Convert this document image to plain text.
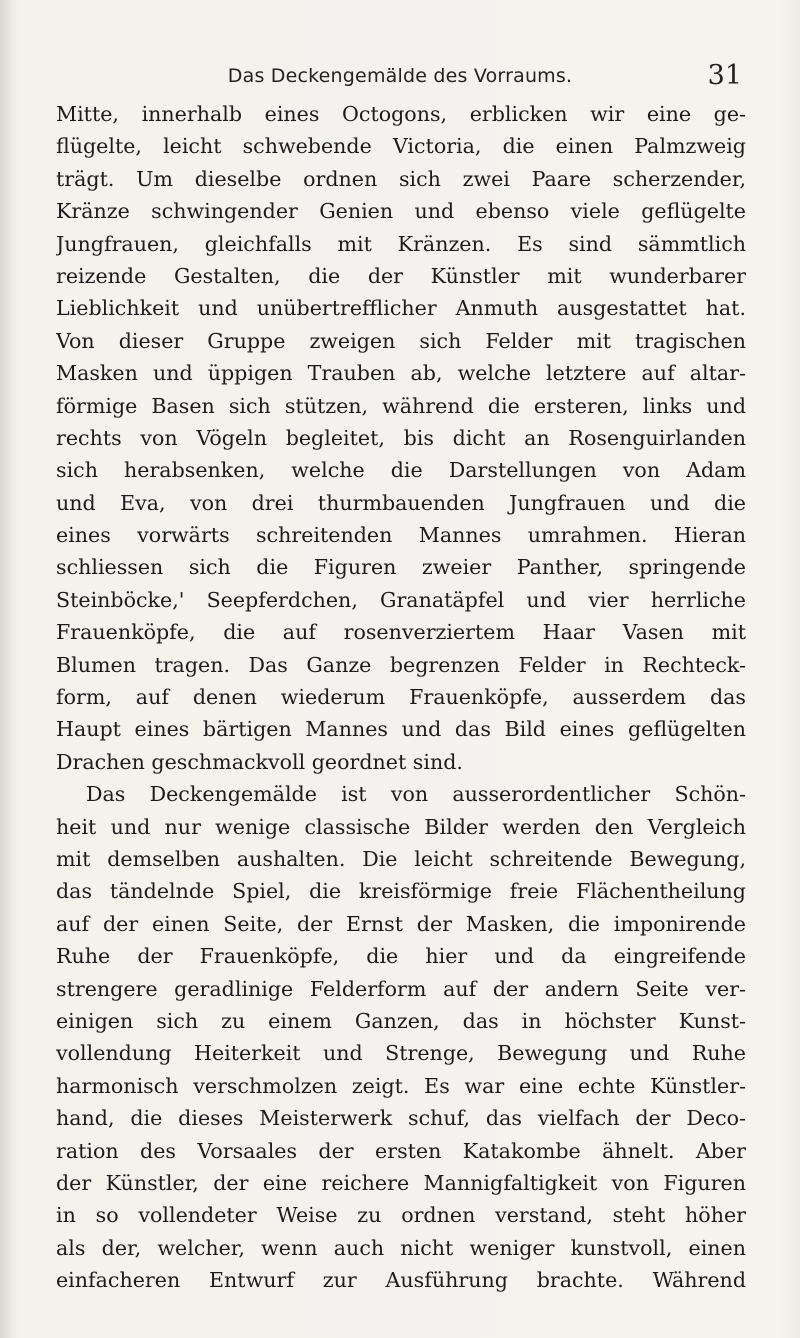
Das Deckengemälde des Vorraums.	31
Mitte, innerhalb eines Octogons, erblicken wir eine ge-
flügelte, leicht schwebende Victoria, die einen Palmzweig
trägt. Um dieselbe ordnen sich zwei Paare scherzender,
Kränze schwingender Genien und ebenso viele geflügelte
Jungfrauen, gleichfalls mit Kränzen. Es sind sämmtlich
reizende Gestalten, die der Künstler mit wunderbarer
Lieblichkeit und unübertrefflicher Anmuth ausgestattet hat.
Von dieser Gruppe zweigen sich Felder mit tragischen
Masken und üppigen Trauben ab, welche letztere auf altar-
förmige Basen sich stützen, während die ersteren, links und
rechts von Vögeln begleitet, bis dicht an Rosenguirlanden
sich herabsenken, welche die Darstellungen von Adam
und Eva, von drei thurmbauenden Jungfrauen und die
eines vorwärts schreitenden Mannes umrahmen. Hieran
schliessen sich die Figuren zweier Panther, springende
Steinböcke,' Seepferdchen, Granatäpfel und vier herrliche
Frauenköpfe, die auf rosenverziertem Haar Vasen mit
Blumen tragen. Das Ganze begrenzen Felder in Rechteck-
form, auf denen wiederum Frauenköpfe, ausserdem das
Haupt eines bärtigen Mannes und das Bild eines geflügelten
Drachen geschmackvoll geordnet sind.
Das Deckengemälde ist von ausserordentlicher Schön-
heit und nur wenige classische Bilder werden den Vergleich
mit demselben aushalten. Die leicht schreitende Bewegung,
das tändelnde Spiel, die kreisförmige freie Flächentheilung
auf der einen Seite, der Ernst der Masken, die imponirende
Ruhe der Frauenköpfe, die hier und da eingreifende
strengere geradlinige Felderform auf der andern Seite ver-
einigen sich zu einem Ganzen, das in höchster Kunst-
vollendung Heiterkeit und Strenge, Bewegung und Ruhe
harmonisch verschmolzen zeigt. Es war eine echte Künstler-
hand, die dieses Meisterwerk schuf, das vielfach der Deco-
ration des Vorsaales der ersten Katakombe ähnelt. Aber
der Künstler, der eine reichere Mannigfaltigkeit von Figuren
in so vollendeter Weise zu ordnen verstand, steht höher
als der, welcher, wenn auch nicht weniger kunstvoll, einen
einfacheren Entwurf zur Ausführung brachte. Während
